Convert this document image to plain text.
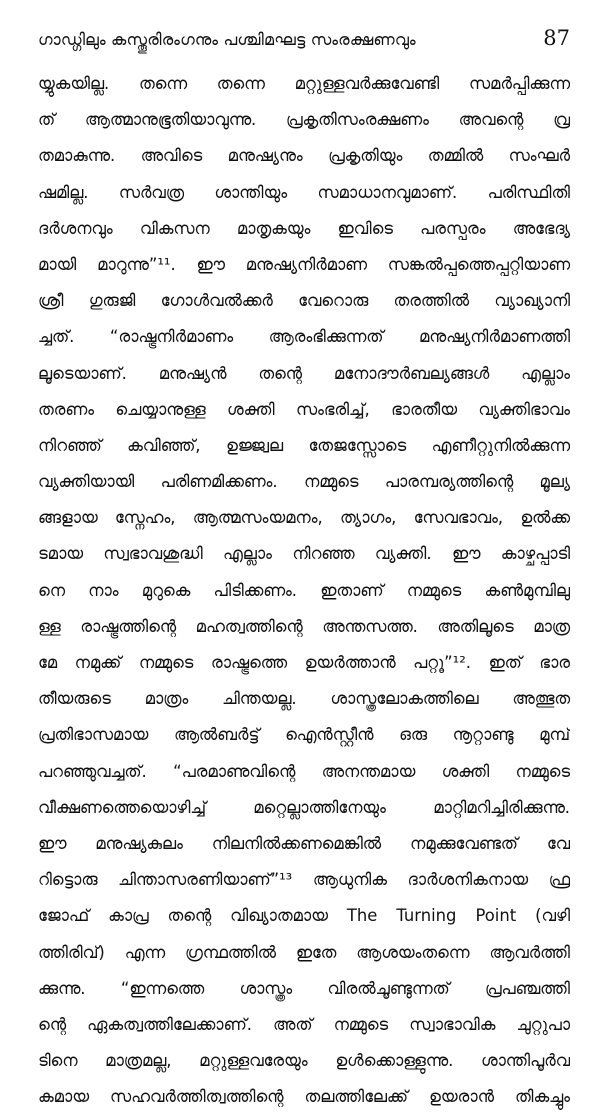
ഗാഡ്ഗിലും കസ്തൂരിരംഗനും പശ്ചിമഘട്ട സംരക്ഷണവും	87
യ്യുകയില്ല. തന്നെ തന്നെ മറ്റുള്ളവർക്കുവേണ്ടി സമർപ്പിക്കുന്ന
ത് ആത്മാനുഭൂതിയാവുന്നു. പ്രകൃതിസംരക്ഷണം അവന്റെ വ്ര
തമാകുന്നു. അവിടെ മനുഷ്യനും പ്രകൃതിയും തമ്മിൽ സംഘർ
ഷമില്ല. സർവത്ര ശാന്തിയും സമാധാനവുമാണ്. പരിസ്ഥിതി
ദർശനവും വികസന മാതൃകയും ഇവിടെ പരസ്പരം അഭേദ്യ
മായി മാറുന്നു”¹¹. ഈ മനുഷ്യനിർമാണ സങ്കൽപ്പത്തെപ്പറ്റിയാണ
ശ്രീ ഗുരുജി ഗോൾവൽക്കർ വേറൊരു തരത്തിൽ വ്യാഖ്യാനി
ച്ചത്. “രാഷ്ട്രനിർമാണം ആരംഭിക്കുന്നത് മനുഷ്യനിർമാണത്തി
ലൂടെയാണ്. മനുഷ്യൻ തന്റെ മനോദൗർബല്യങ്ങൾ എല്ലാം
തരണം ചെയ്യാനുള്ള ശക്തി സംഭരിച്ച്, ഭാരതീയ വ്യക്തിഭാവം
നിറഞ്ഞ് കവിഞ്ഞ്, ഉജ്ജ്വല തേജസ്സോടെ എണീറ്റുനിൽക്കുന്ന
വ്യക്തിയായി പരിണമിക്കണം. നമ്മുടെ പാരമ്പര്യത്തിന്റെ മൂല്യ
ങ്ങളായ സ്നേഹം, ആത്മസംയമനം, ത്യാഗം, സേവഭാവം, ഉൽക്ക
ടമായ സ്വഭാവശുദ്ധി എല്ലാം നിറഞ്ഞ വ്യക്തി. ഈ കാഴ്ചപ്പാടി
നെ നാം മുറുകെ പിടിക്കണം. ഇതാണ് നമ്മുടെ കൺമുമ്പിലു
ള്ള രാഷ്ട്രത്തിന്റെ മഹത്വത്തിന്റെ അന്തസത്ത. അതിലൂടെ മാത്ര
മേ നമുക്ക് നമ്മുടെ രാഷ്ട്രത്തെ ഉയർത്താൻ പറ്റൂ”¹². ഇത് ഭാര
തീയരുടെ മാത്രം ചിന്തയല്ല. ശാസ്ത്രലോകത്തിലെ അത്ഭുത
പ്രതിഭാസമായ ആൽബർട്ട് ഐൻസ്റ്റീൻ ഒരു നൂറ്റാണ്ടു മുമ്പ്
പറഞ്ഞുവച്ചത്. “പരമാണുവിന്റെ അനന്തമായ ശക്തി നമ്മുടെ
വീക്ഷണത്തെയൊഴിച്ച് മറ്റെല്ലാത്തിനേയും മാറ്റിമറിച്ചിരിക്കുന്നു.
ഈ മനുഷ്യകുലം നിലനിൽക്കണമെങ്കിൽ നമുക്കുവേണ്ടത് വേ
റിട്ടൊരു ചിന്താസരണിയാണ്”¹³ ആധുനിക ദാർശനികനായ ഫ്ര
ജോഫ് കാപ്ര തന്റെ വിഖ്യാതമായ The Turning Point (വഴി
ത്തിരിവ്) എന്ന ഗ്രന്ഥത്തിൽ ഇതേ ആശയംതന്നെ ആവർത്തി
ക്കുന്നു. “ഇന്നത്തെ ശാസ്ത്രം വിരൽചൂണ്ടുന്നത് പ്രപഞ്ചത്തി
ന്റെ ഏകത്വത്തിലേക്കാണ്. അത് നമ്മുടെ സ്വാഭാവിക ചുറ്റുപാ
ടിനെ മാത്രമല്ല, മറ്റുള്ളവരേയും ഉൾക്കൊള്ളുന്നു. ശാന്തിപൂർവ
കമായ സഹവർത്തിത്വത്തിന്റെ തലത്തിലേക്ക് ഉയരാൻ തികച്ചും
